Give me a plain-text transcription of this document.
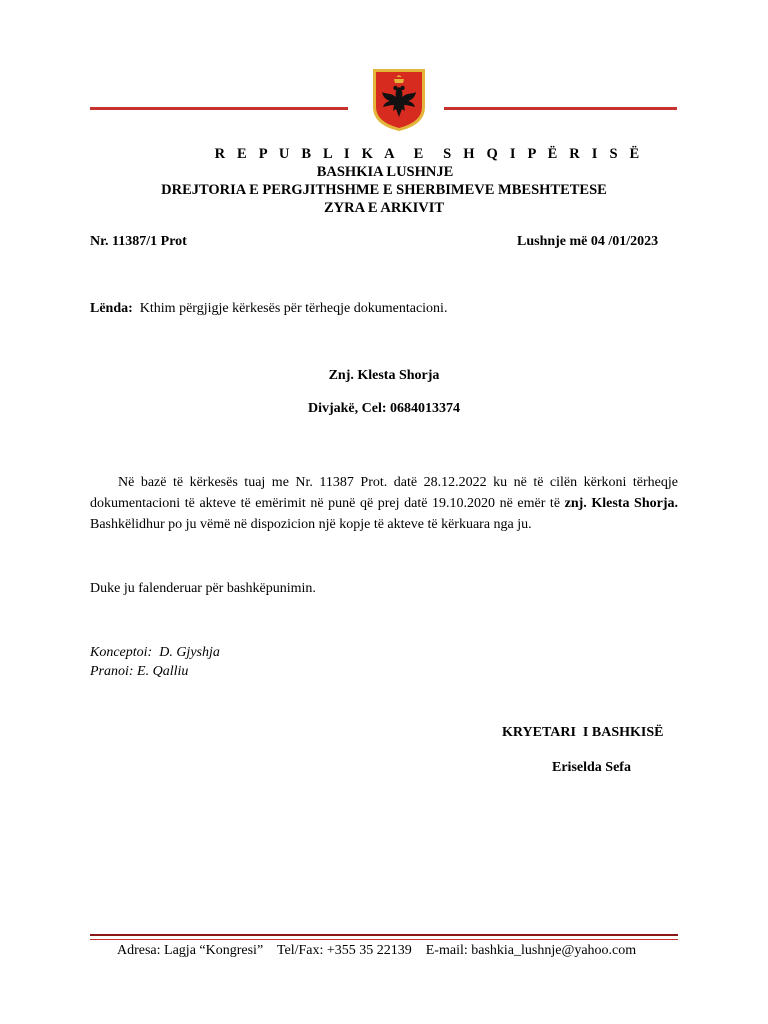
R E P U B L I K A  E  S H Q I P Ë R I S Ë
BASHKIA LUSHNJE
DREJTORIA E PERGJITHSHME E SHERBIMEVE MBESHTETESE
ZYRA E ARKIVIT
Nr. 11387/1 Prot	Lushnje më 04 /01/2023
Lënda: Kthim përgjigje kërkesës për tërheqje dokumentacioni.
Znj. Klesta Shorja
Divjakë, Cel: 0684013374
Në bazë të kërkesës tuaj me Nr. 11387 Prot. datë 28.12.2022 ku në të cilën kërkoni tërheqje dokumentacioni të akteve të emërimit në punë që prej datë 19.10.2020 në emër të znj. Klesta Shorja. Bashkëlidhur po ju vëmë në dispozicion një kopje të akteve të kërkuara nga ju.
Duke ju falenderuar për bashkëpunimin.
Konceptoi:  D. Gjyshja
Pranoi: E. Qalliu
KRYETARI  I BASHKISË
Eriselda Sefa
Adresa: Lagja “Kongresi”    Tel/Fax: +355 35 22139    E-mail: bashkia_lushnje@yahoo.com
